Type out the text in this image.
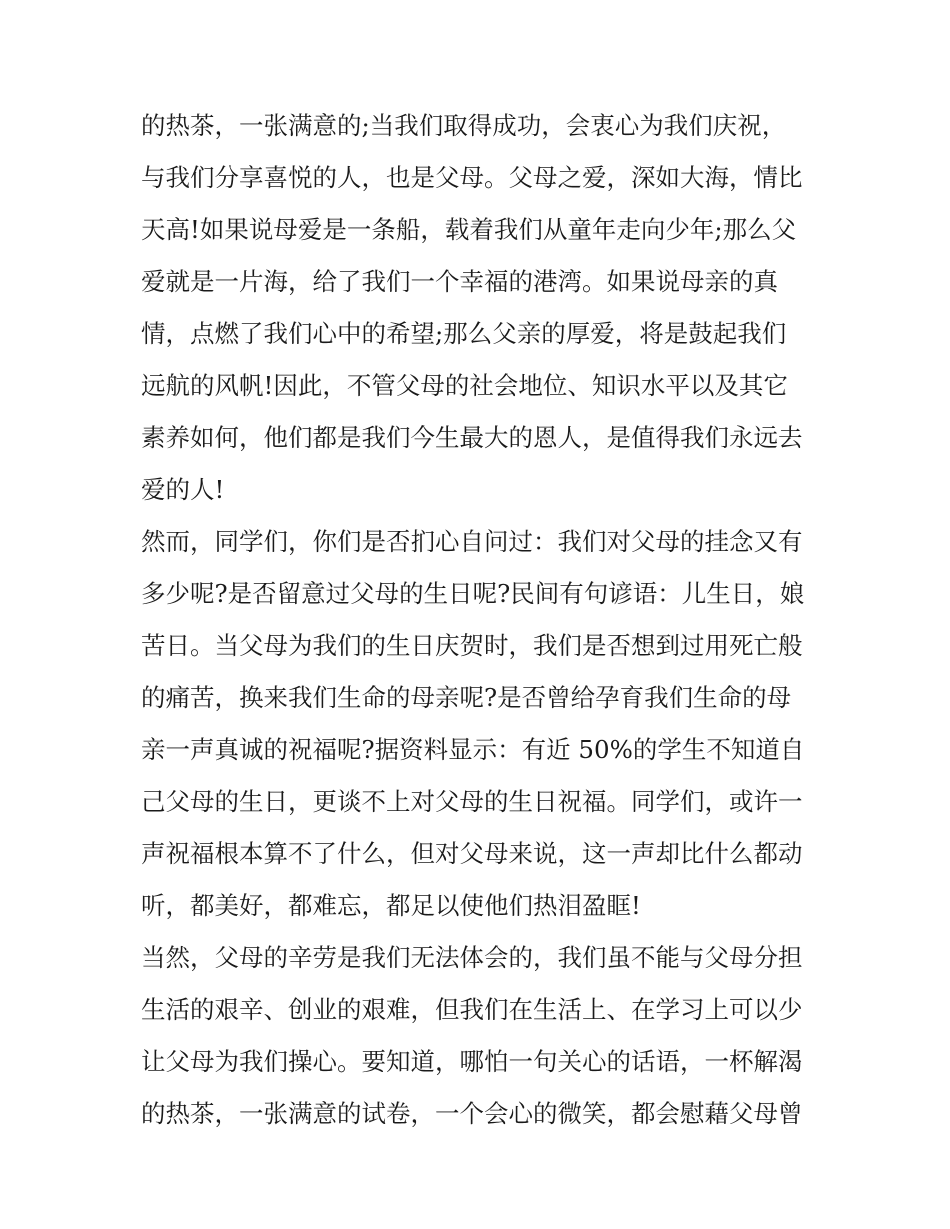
的热茶，一张满意的;当我们取得成功，会衷心为我们庆祝，
与我们分享喜悦的人，也是父母。父母之爱，深如大海，情比
天高!如果说母爱是一条船，载着我们从童年走向少年;那么父
爱就是一片海，给了我们一个幸福的港湾。如果说母亲的真
情，点燃了我们心中的希望;那么父亲的厚爱，将是鼓起我们
远航的风帆!因此，不管父母的社会地位、知识水平以及其它
素养如何，他们都是我们今生最大的恩人，是值得我们永远去
爱的人!
然而，同学们，你们是否扪心自问过：我们对父母的挂念又有
多少呢?是否留意过父母的生日呢?民间有句谚语：儿生日，娘
苦日。当父母为我们的生日庆贺时，我们是否想到过用死亡般
的痛苦，换来我们生命的母亲呢?是否曾给孕育我们生命的母
亲一声真诚的祝福呢?据资料显示：有近 50%的学生不知道自
己父母的生日，更谈不上对父母的生日祝福。同学们，或许一
声祝福根本算不了什么，但对父母来说，这一声却比什么都动
听，都美好，都难忘，都足以使他们热泪盈眶!
当然，父母的辛劳是我们无法体会的，我们虽不能与父母分担
生活的艰辛、创业的艰难，但我们在生活上、在学习上可以少
让父母为我们操心。要知道，哪怕一句关心的话语，一杯解渴
的热茶，一张满意的试卷，一个会心的微笑，都会慰藉父母曾
